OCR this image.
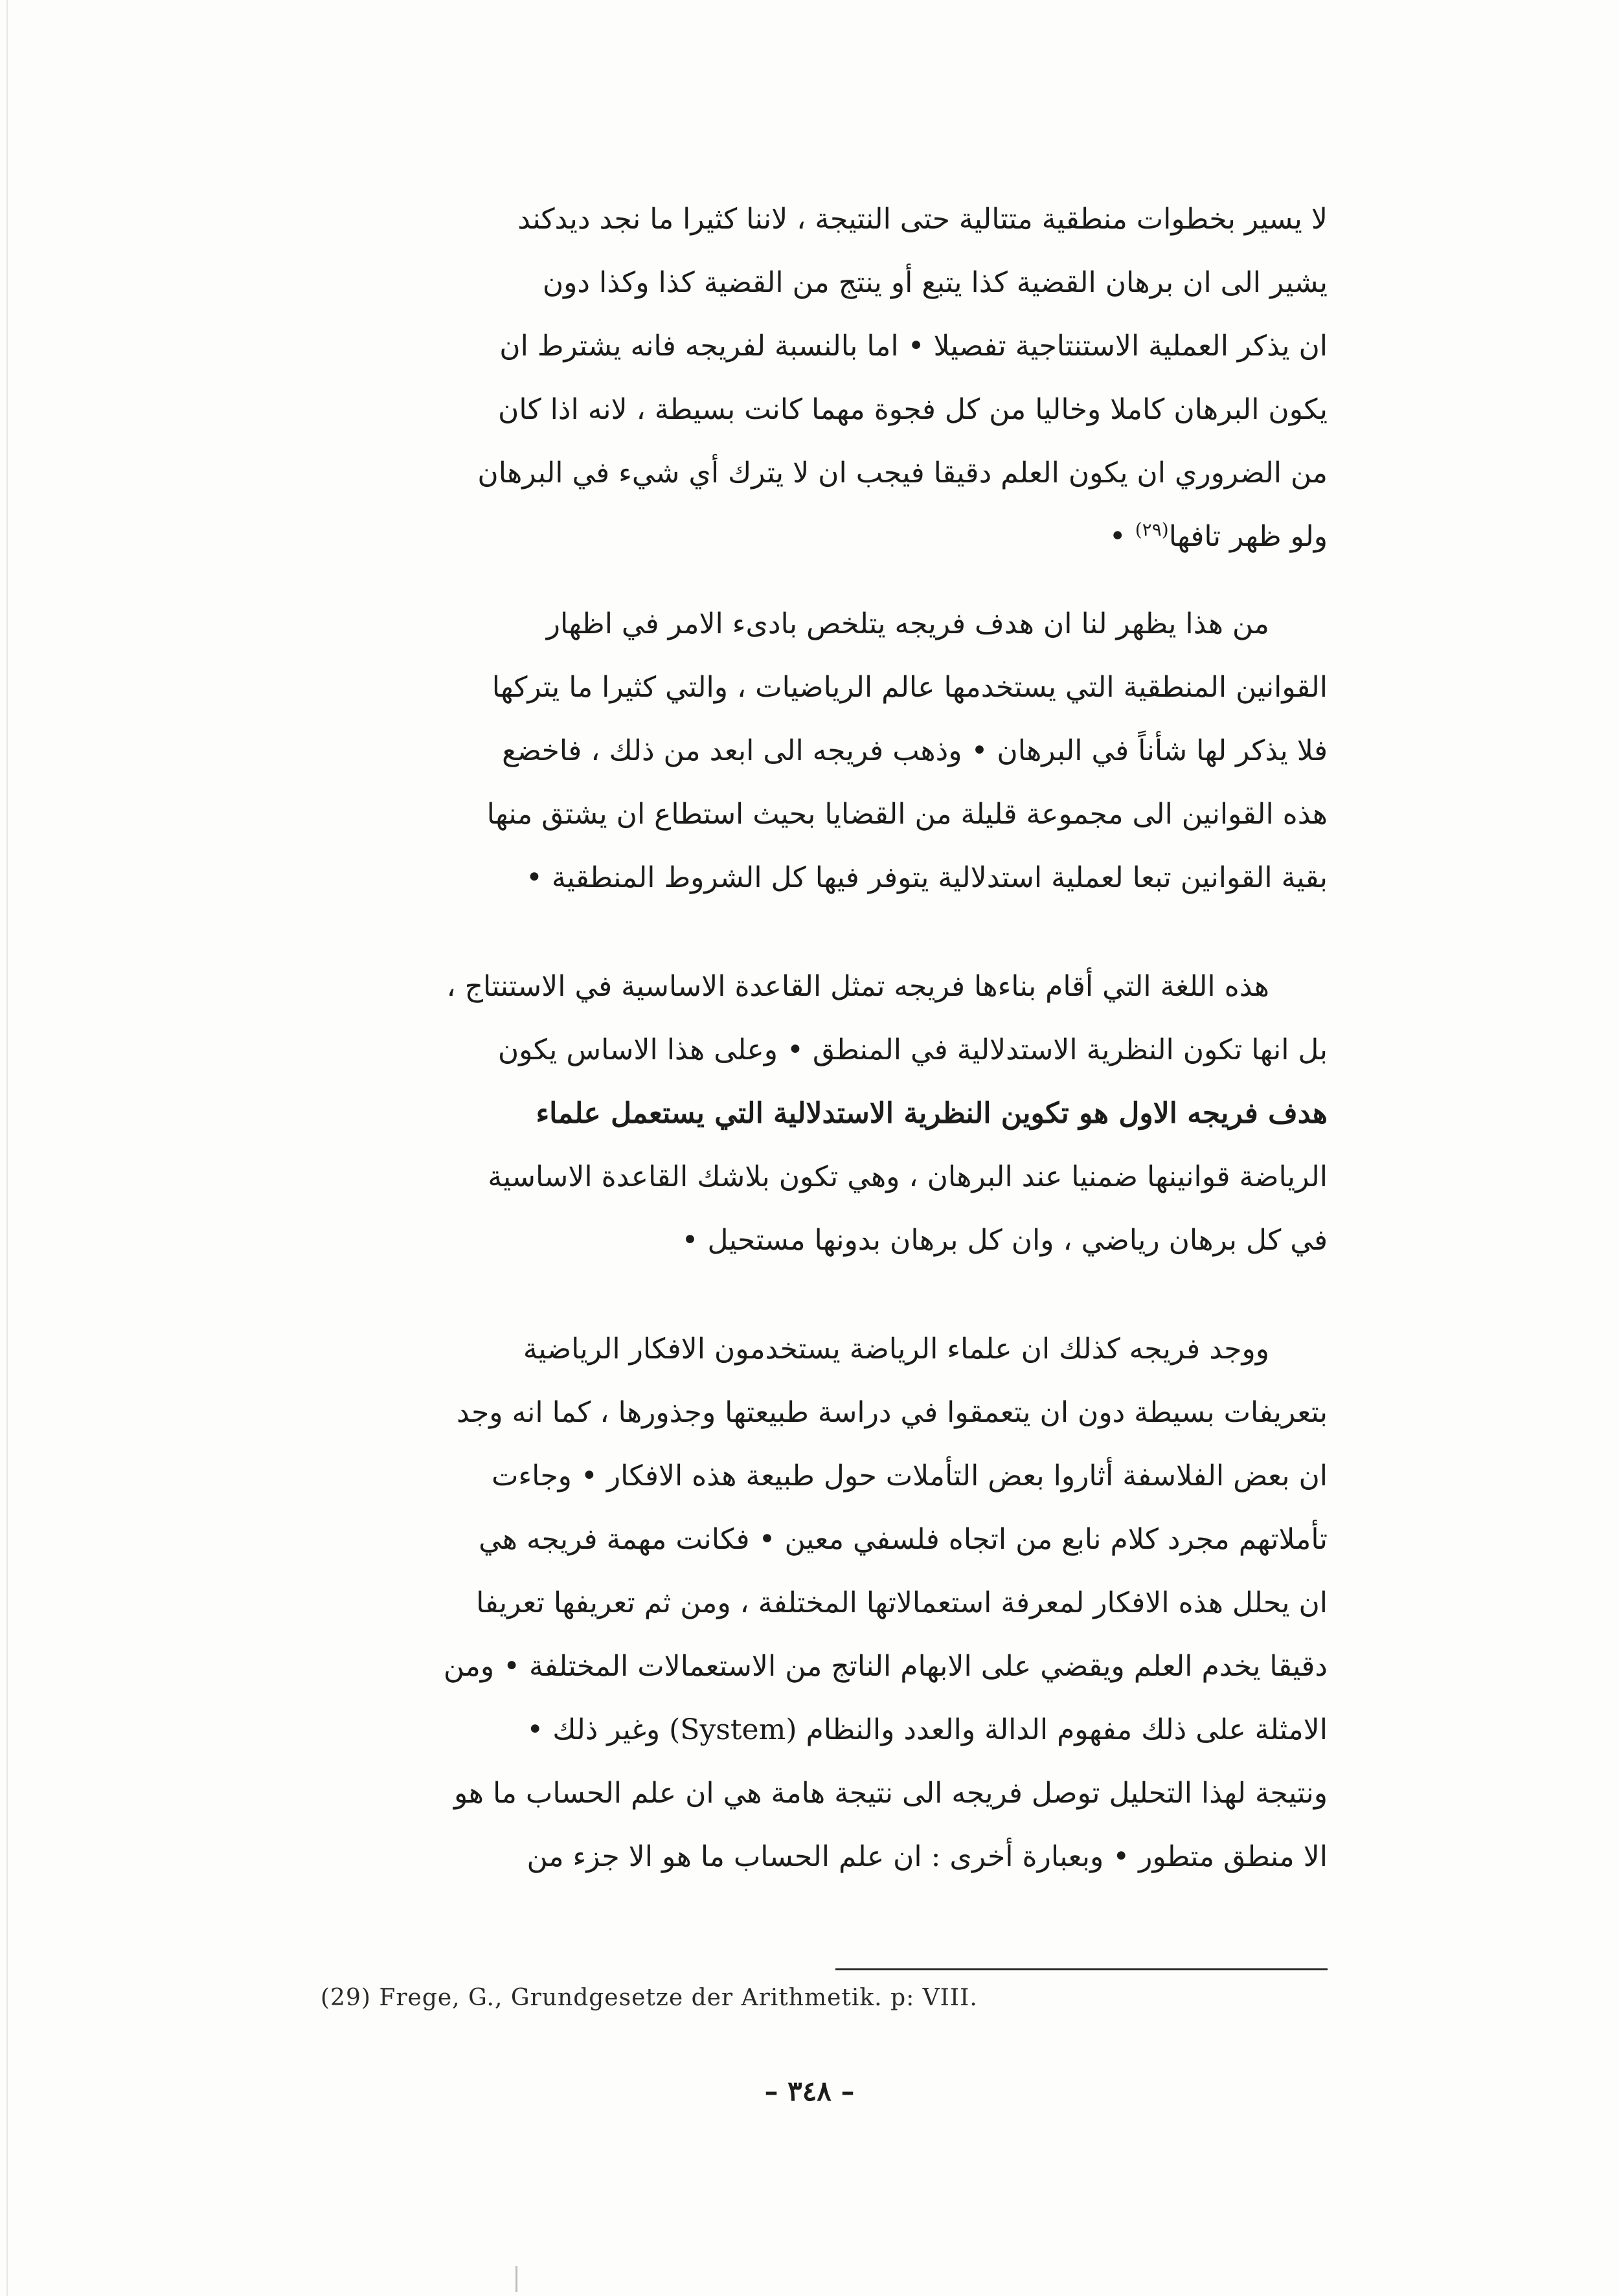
لا يسير بخطوات منطقية متتالية حتى النتيجة ، لاننا كثيرا ما نجد ديدكند
يشير الى ان برهان القضية كذا يتبع أو ينتج من القضية كذا وكذا دون
ان يذكر العملية الاستنتاجية تفصيلا • اما بالنسبة لفريجه فانه يشترط ان
يكون البرهان كاملا وخاليا من كل فجوة مهما كانت بسيطة ، لانه اذا كان
من الضروري ان يكون العلم دقيقا فيجب ان لا يترك أي شيء في البرهان
ولو ظهر تافها$^{(٢٩)}$ •
من هذا يظهر لنا ان هدف فريجه يتلخص بادىء الامر في اظهار
القوانين المنطقية التي يستخدمها عالم الرياضيات ، والتي كثيرا ما يتركها
فلا يذكر لها شأناً في البرهان • وذهب فريجه الى ابعد من ذلك ، فاخضع
هذه القوانين الى مجموعة قليلة من القضايا بحيث استطاع ان يشتق منها
بقية القوانين تبعا لعملية استدلالية يتوفر فيها كل الشروط المنطقية •
هذه اللغة التي أقام بناءها فريجه تمثل القاعدة الاساسية في الاستنتاج ،
بل انها تكون النظرية الاستدلالية في المنطق • وعلى هذا الاساس يكون
هدف فريجه الاول هو تكوين النظرية الاستدلالية التي يستعمل علماء
الرياضة قوانينها ضمنيا عند البرهان ، وهي تكون بلاشك القاعدة الاساسية
في كل برهان رياضي ، وان كل برهان بدونها مستحيل •
ووجد فريجه كذلك ان علماء الرياضة يستخدمون الافكار الرياضية
بتعريفات بسيطة دون ان يتعمقوا في دراسة طبيعتها وجذورها ، كما انه وجد
ان بعض الفلاسفة أثاروا بعض التأملات حول طبيعة هذه الافكار • وجاءت
تأملاتهم مجرد كلام نابع من اتجاه فلسفي معين • فكانت مهمة فريجه هي
ان يحلل هذه الافكار لمعرفة استعمالاتها المختلفة ، ومن ثم تعريفها تعريفا
دقيقا يخدم العلم ويقضي على الابهام الناتج من الاستعمالات المختلفة • ومن
الامثلة على ذلك مفهوم الدالة والعدد والنظام (System) وغير ذلك •
ونتيجة لهذا التحليل توصل فريجه الى نتيجة هامة هي ان علم الحساب ما هو
الا منطق متطور • وبعبارة أخرى : ان علم الحساب ما هو الا جزء من
(29) Frege, G., Grundgesetze der Arithmetik. p: VIII.
– ٣٤٨ –
